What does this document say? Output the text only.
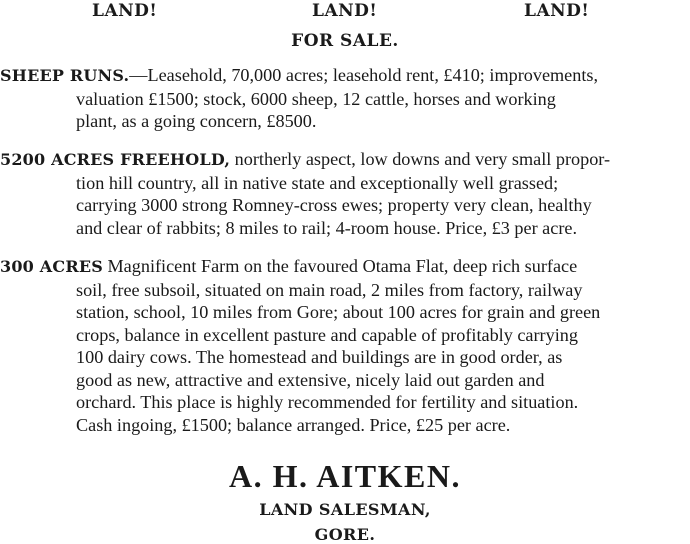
LAND!	LAND!	LAND!
FOR SALE.
SHEEP RUNS.—Leasehold, 70,000 acres; leasehold rent, £410; improvements,
valuation £1500; stock, 6000 sheep, 12 cattle, horses and working
plant, as a going concern, £8500.
5200 ACRES FREEHOLD, northerly aspect, low downs and very small propor-
tion hill country, all in native state and exceptionally well grassed;
carrying 3000 strong Romney-cross ewes; property very clean, healthy
and clear of rabbits; 8 miles to rail; 4-room house. Price, £3 per acre.
300 ACRES Magnificent Farm on the favoured Otama Flat, deep rich surface
soil, free subsoil, situated on main road, 2 miles from factory, railway
station, school, 10 miles from Gore; about 100 acres for grain and green
crops, balance in excellent pasture and capable of profitably carrying
100 dairy cows. The homestead and buildings are in good order, as
good as new, attractive and extensive, nicely laid out garden and
orchard. This place is highly recommended for fertility and situation.
Cash ingoing, £1500; balance arranged. Price, £25 per acre.
A. H. AITKEN.
LAND SALESMAN,
GORE.
